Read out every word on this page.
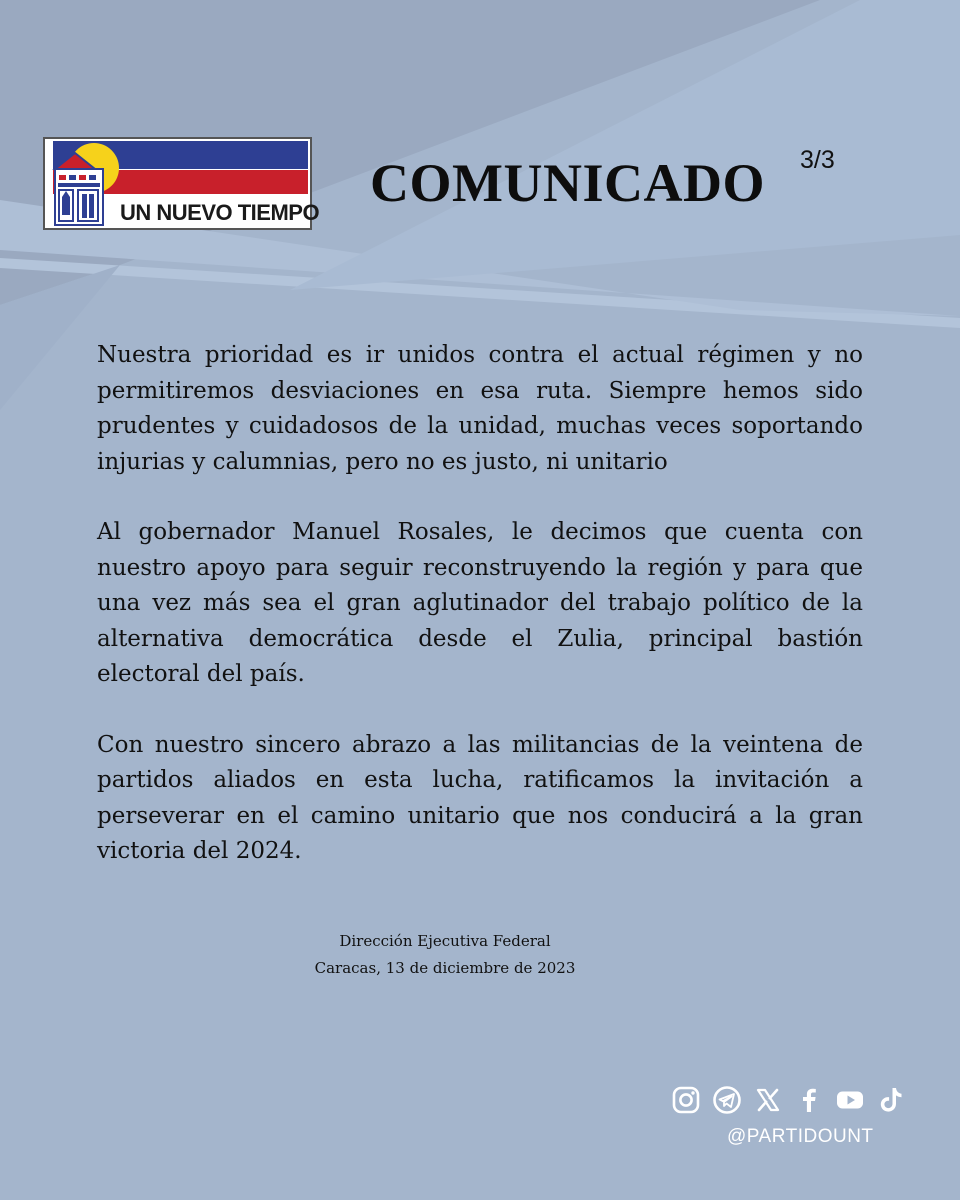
UN NUEVO TIEMPO COMUNICADO 3/3

Nuestra prioridad es ir unidos contra el actual régimen y no permitiremos desviaciones en esa ruta. Siempre hemos sido prudentes y cuidadosos de la unidad, muchas veces soportando injurias y calumnias, pero no es justo, ni unitario

Al gobernador Manuel Rosales, le decimos que cuenta con nuestro apoyo para seguir reconstruyendo la región y para que una vez más sea el gran aglutinador del trabajo político de la alternativa democrática desde el Zulia, principal bastión electoral del país.

Con nuestro sincero abrazo a las militancias de la veintena de partidos aliados en esta lucha, ratificamos la invitación a perseverar en el camino unitario que nos conducirá a la gran victoria del 2024.

Dirección Ejecutiva Federal
Caracas, 13 de diciembre de 2023
@PARTIDOUNT
